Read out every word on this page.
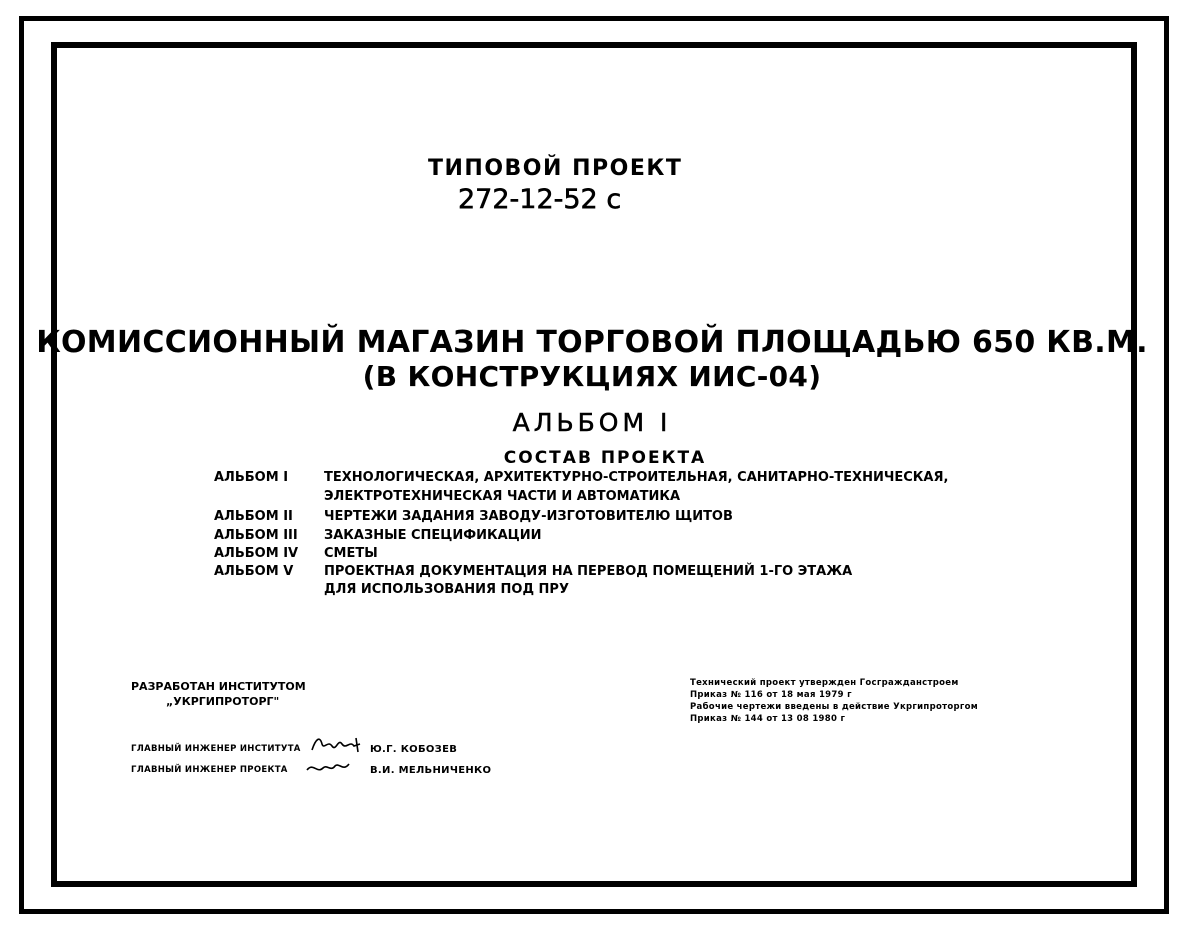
ТИПОВОЙ ПРОЕКТ
272-12-52 с
КОМИССИОННЫЙ МАГАЗИН ТОРГОВОЙ ПЛОЩАДЬЮ 650 КВ.М.
(В КОНСТРУКЦИЯХ ИИС-04)
АЛЬБОМ I
СОСТАВ ПРОЕКТА
АЛЬБОМ I	ТЕХНОЛОГИЧЕСКАЯ, АРХИТЕКТУРНО-СТРОИТЕЛЬНАЯ, САНИТАРНО-ТЕХНИЧЕСКАЯ,
ЭЛЕКТРОТЕХНИЧЕСКАЯ ЧАСТИ И АВТОМАТИКА
АЛЬБОМ II	ЧЕРТЕЖИ ЗАДАНИЯ ЗАВОДУ-ИЗГОТОВИТЕЛЮ ЩИТОВ
АЛЬБОМ III	ЗАКАЗНЫЕ СПЕЦИФИКАЦИИ
АЛЬБОМ IV	СМЕТЫ
АЛЬБОМ V	ПРОЕКТНАЯ ДОКУМЕНТАЦИЯ НА ПЕРЕВОД ПОМЕЩЕНИЙ 1-ГО ЭТАЖА
ДЛЯ ИСПОЛЬЗОВАНИЯ ПОД ПРУ
РАЗРАБОТАН ИНСТИТУТОМ
„УКРГИПРОТОРГ"
Технический проект утвержден Госгражданстроем
Приказ № 116 от 18 мая 1979 г
Рабочие чертежи введены в действие Укргипроторгом
Приказ № 144 от 13 08 1980 г
ГЛАВНЫЙ ИНЖЕНЕР ИНСТИТУТА	Ю.Г. КОБОЗЕВ
ГЛАВНЫЙ ИНЖЕНЕР ПРОЕКТА	В.И. МЕЛЬНИЧЕНКО
